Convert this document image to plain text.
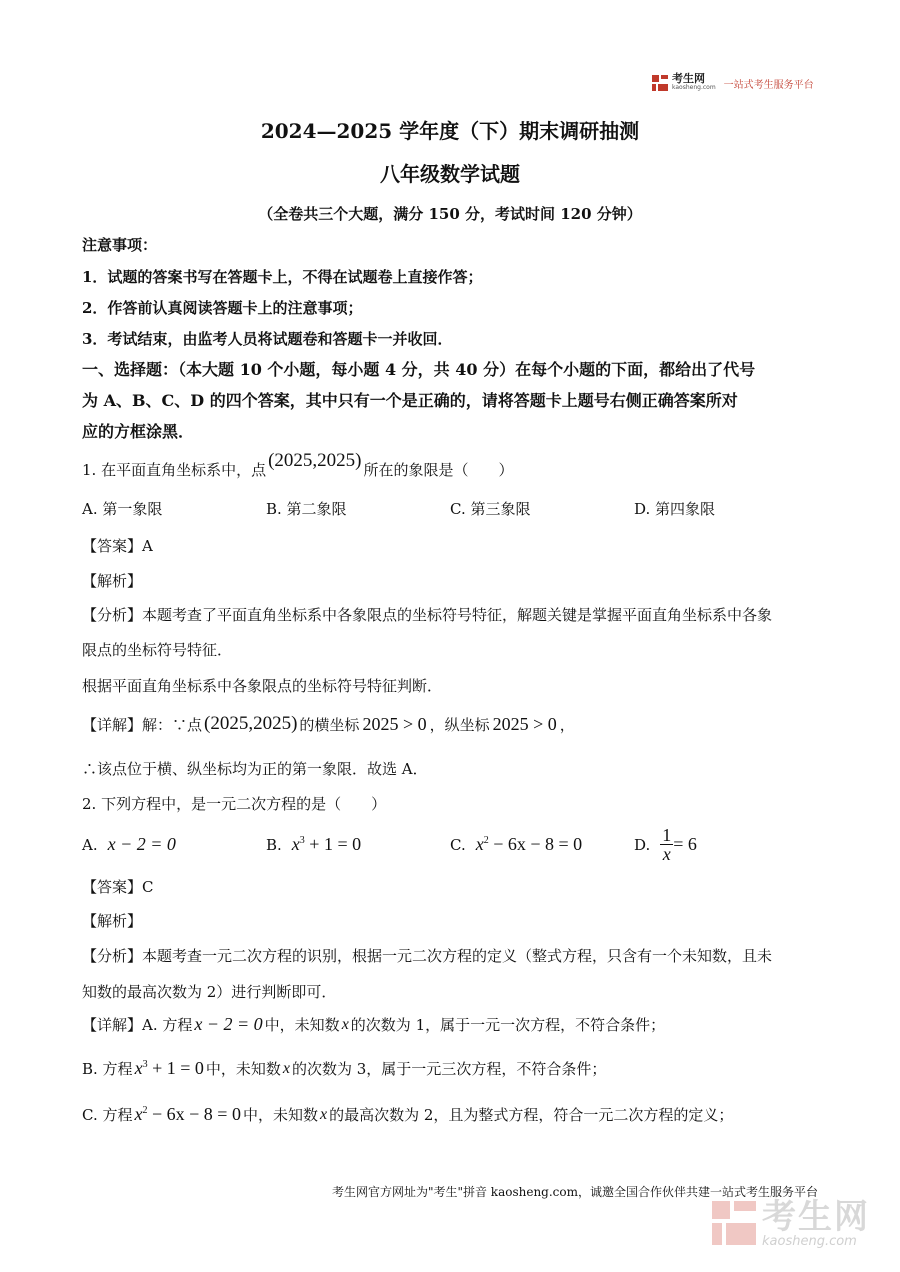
考生网
kaosheng.com 一站式考生服务平台
2024—2025 学年度（下）期末调研抽测
八年级数学试题
（全卷共三个大题，满分 150 分，考试时间 120 分钟）
注意事项：
1．试题的答案书写在答题卡上，不得在试题卷上直接作答；
2．作答前认真阅读答题卡上的注意事项；
3．考试结束，由监考人员将试题卷和答题卡一并收回．
一、选择题：（本大题 10 个小题，每小题 4 分，共 40 分）在每个小题的下面，都给出了代号
为 A、B、C、D 的四个答案，其中只有一个是正确的，请将答题卡上题号右侧正确答案所对
应的方框涂黑．
1. 在平面直角坐标系中，点 (2025,2025) 所在的象限是（　　）
A. 第一象限	B. 第二象限	C. 第三象限	D. 第四象限
【答案】A
【解析】
【分析】本题考查了平面直角坐标系中各象限点的坐标符号特征，解题关键是掌握平面直角坐标系中各象
限点的坐标符号特征．
根据平面直角坐标系中各象限点的坐标符号特征判断．
【详解】解：∵点 (2025,2025) 的横坐标 2025 > 0 ，纵坐标 2025 > 0 ，
∴该点位于横、纵坐标均为正的第一象限．故选 A．
2. 下列方程中，是一元二次方程的是（　　）
A. x − 2 = 0	B. $x^3 + 1 = 0$	C. $x^2 - 6x - 8 = 0$	D. $\frac{1}{x} = 6$
【答案】C
【解析】
【分析】本题考查一元二次方程的识别，根据一元二次方程的定义（整式方程，只含有一个未知数，且未
知数的最高次数为 2）进行判断即可．
【详解】A. 方程 x − 2 = 0 中，未知数 x 的次数为 1，属于一元一次方程，不符合条件；
B. 方程 $x^3 + 1 = 0$ 中，未知数 x 的次数为 3，属于一元三次方程，不符合条件；
C. 方程 $x^2 - 6x - 8 = 0$ 中，未知数 x 的最高次数为 2，且为整式方程，符合一元二次方程的定义；
考生网官方网址为"考生"拼音 kaosheng.com，诚邀全国合作伙伴共建一站式考生服务平台
考生网
kaosheng.com
